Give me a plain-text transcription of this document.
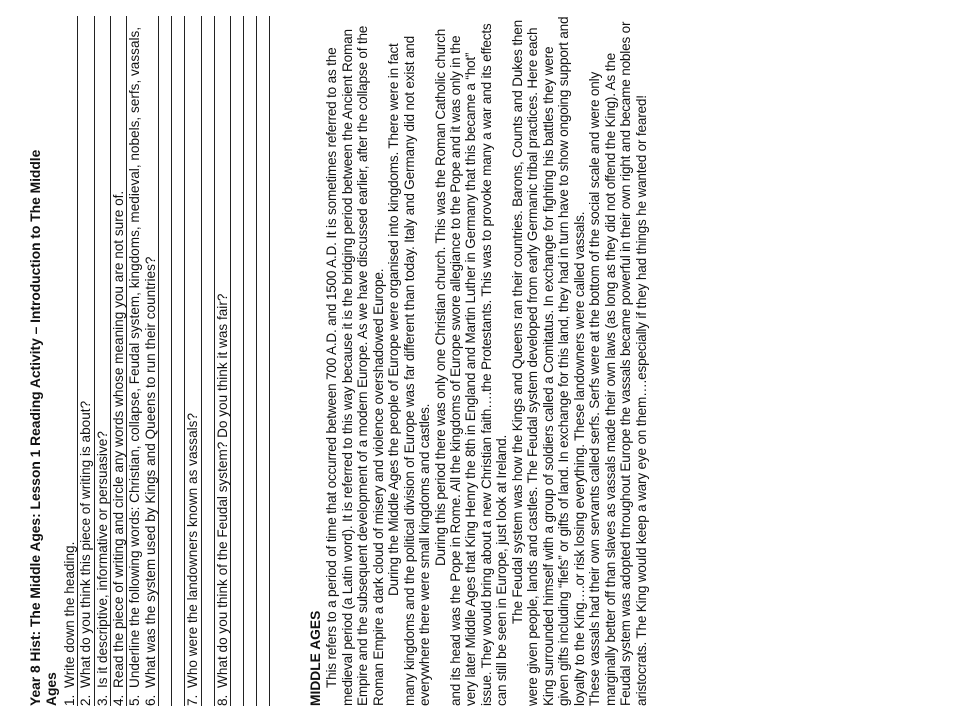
Year 8 Hist: The Middle Ages: Lesson 1 Reading Activity – Introduction to The Middle Ages 1.
Write down the heading.
2.
What do you think this piece of writing is about?
3.
Is it descriptive, informative or persuasive?
4.
Read the piece of writing and circle any words whose meaning you are not sure of.
5.
Underline the following words: Christian, collapse, Feudal system, kingdoms, medieval, nobels, serfs, vassals,
6.
What was the system used by Kings and Queens to run their countries?
7.
Who were the landowners known as vassals?
8.
What do you think of the Feudal system? Do you think it was fair?	MIDDLE AGES This refers to a period of time that occurred between 700 A.D. and 1500 A.D. It is sometimes referred to as the medieval period (a Latin word). It is referred to this way because it is the bridging period between the Ancient Roman Empire and the subsequent development of a modern Europe. As we have discussed earlier, after the collapse of the Roman Empire a dark cloud of misery and violence overshadowed Europe. During the Middle Ages the people of Europe were organised into kingdoms. There were in fact many kingdoms and the political division of Europe was far different than today. Italy and Germany did not exist and everywhere there were small kingdoms and castles. During this period there was only one Christian church. This was the Roman Catholic church and its head was the Pope in Rome. All the kingdoms of Europe swore allegiance to the Pope and it was only in the very later Middle Ages that King Henry the 8th in England and Martin Luther in Germany that this became a “hot” issue. They would bring about a new Christian faith….the Protestants. This was to provoke many a war and its effects can still be seen in Europe, just look at Ireland. The Feudal system was how the Kings and Queens ran their countries. Barons, Counts and Dukes then were given people, lands and castles. The Feudal system developed from early Germanic tribal practices. Here each King surrounded himself with a group of soldiers called a Comitatus. In exchange for fighting his battles they were given gifts including “fiefs” or gifts of land. In exchange for this land, they had in turn have to show ongoing support and loyalty to the King….or risk losing everything. These landowners were called vassals. These vassals had their own servants called serfs. Serfs were at the bottom of the social scale and were only marginally better off than slaves as vassals made their own laws (as long as they did not offend the King). As the Feudal system was adopted throughout Europe the vassals became powerful in their own right and became nobles or aristocrats. The King would keep a wary eye on them….especially if they had things he wanted or feared!
